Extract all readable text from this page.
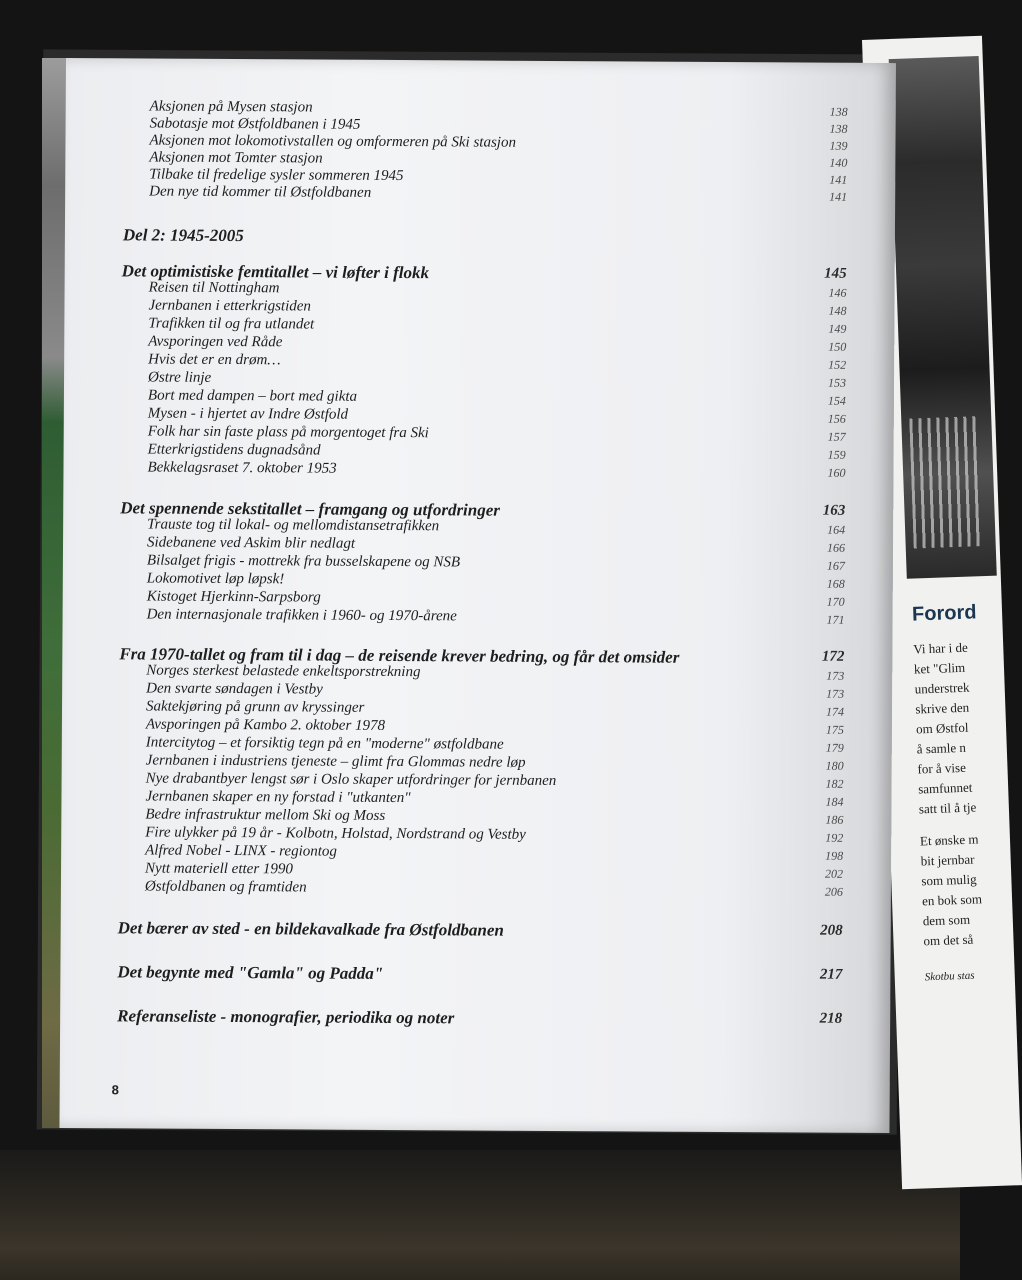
Forord
Vi har i de
ket "Glim
understrek
skrive den
om Østfol
å samle n
for å vise
samfunnet
satt til å tje
Et ønske m
bit jernbar
som mulig
en bok som
dem som
om det så
Skotbu stas
Aksjonen på Mysen stasjon	138
Sabotasje mot Østfoldbanen i 1945	138
Aksjonen mot lokomotivstallen og omformeren på Ski stasjon	139
Aksjonen mot Tomter stasjon	140
Tilbake til fredelige sysler sommeren 1945	141
Den nye tid kommer til Østfoldbanen	141
Del 2: 1945-2005
Det optimistiske femtitallet – vi løfter i flokk	145
Reisen til Nottingham	146
Jernbanen i etterkrigstiden	148
Trafikken til og fra utlandet	149
Avsporingen ved Råde	150
Hvis det er en drøm…	152
Østre linje	153
Bort med dampen – bort med gikta	154
Mysen - i hjertet av Indre Østfold	156
Folk har sin faste plass på morgentoget fra Ski	157
Etterkrigstidens dugnadsånd	159
Bekkelagsraset 7. oktober 1953	160
Det spennende sekstitallet – framgang og utfordringer	163
Trauste tog til lokal- og mellomdistansetrafikken	164
Sidebanene ved Askim blir nedlagt	166
Bilsalget frigis - mottrekk fra busselskapene og NSB	167
Lokomotivet løp løpsk!	168
Kistoget Hjerkinn-Sarpsborg	170
Den internasjonale trafikken i 1960- og 1970-årene	171
Fra 1970-tallet og fram til i dag – de reisende krever bedring, og får det omsider	172
Norges sterkest belastede enkeltsporstrekning	173
Den svarte søndagen i Vestby	173
Saktekjøring på grunn av kryssinger	174
Avsporingen på Kambo 2. oktober 1978	175
Intercitytog – et forsiktig tegn på en "moderne" østfoldbane	179
Jernbanen i industriens tjeneste – glimt fra Glommas nedre løp	180
Nye drabantbyer lengst sør i Oslo skaper utfordringer for jernbanen	182
Jernbanen skaper en ny forstad i "utkanten"	184
Bedre infrastruktur mellom Ski og Moss	186
Fire ulykker på 19 år - Kolbotn, Holstad, Nordstrand og Vestby	192
Alfred Nobel - LINX - regiontog	198
Nytt materiell etter 1990	202
Østfoldbanen og framtiden	206
Det bærer av sted - en bildekavalkade fra Østfoldbanen	208
Det begynte med "Gamla" og Padda"	217
Referanseliste - monografier, periodika og noter	218
8
